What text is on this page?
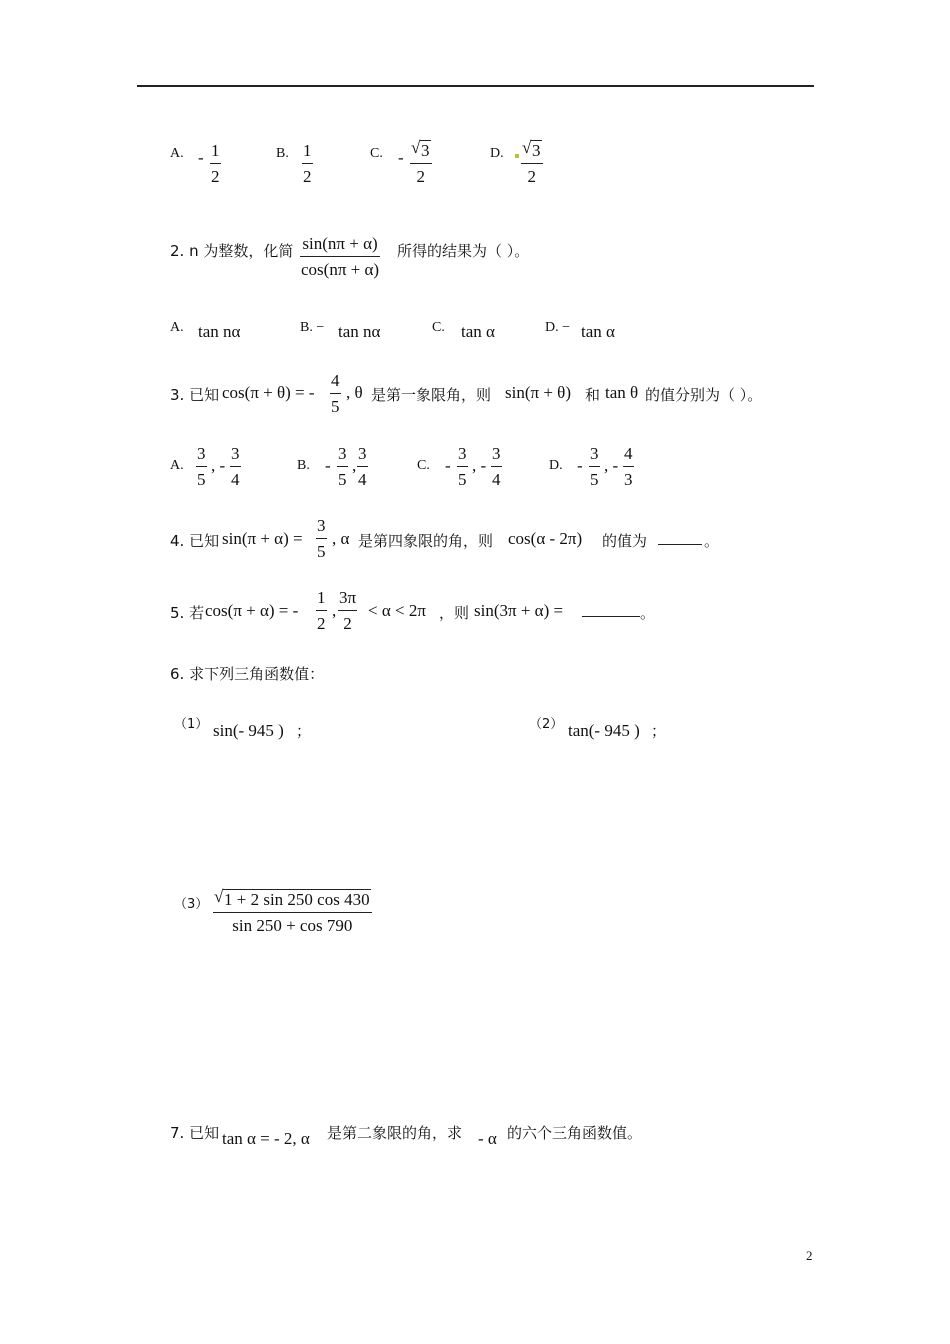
A. - 1
2
B. 1
2
C. -
√ 3
2
D. √ 3
2
2. n 为整数，化简 sin(nπ + α)
cos(nπ + α)
所得的结果为（ ）。
A. tan nα	B. − tan nα	C. tan α	D. − tan α
3. 已知 cos(π + θ) = -
4
5
, θ 是第一象限角，则 sin(π + θ) 和 tan θ 的值分别为（ ）。
A.
3
5
, -
3
4
B. -
3
5
,
3
4
C. -
3
5
, -
3
4
D. -
3
5
, -
4
3
4. 已知 sin(π + α) =
3
5
, α 是第四象限的角，则 cos(α - 2π) 的值为	。
5. 若 cos(π + α) = -
1
2
,
3π
2
< α < 2π ，则 sin(3π + α) =	。
6. 求下列三角函数值：
（1） sin(- 945 ) ；	（2） tan(- 945 ) ；
（3） √ 1 + 2 sin 250 cos 430
sin 250 + cos 790
7. 已知 tan α = - 2, α 是第二象限的角，求 - α 的六个三角函数值。
2
